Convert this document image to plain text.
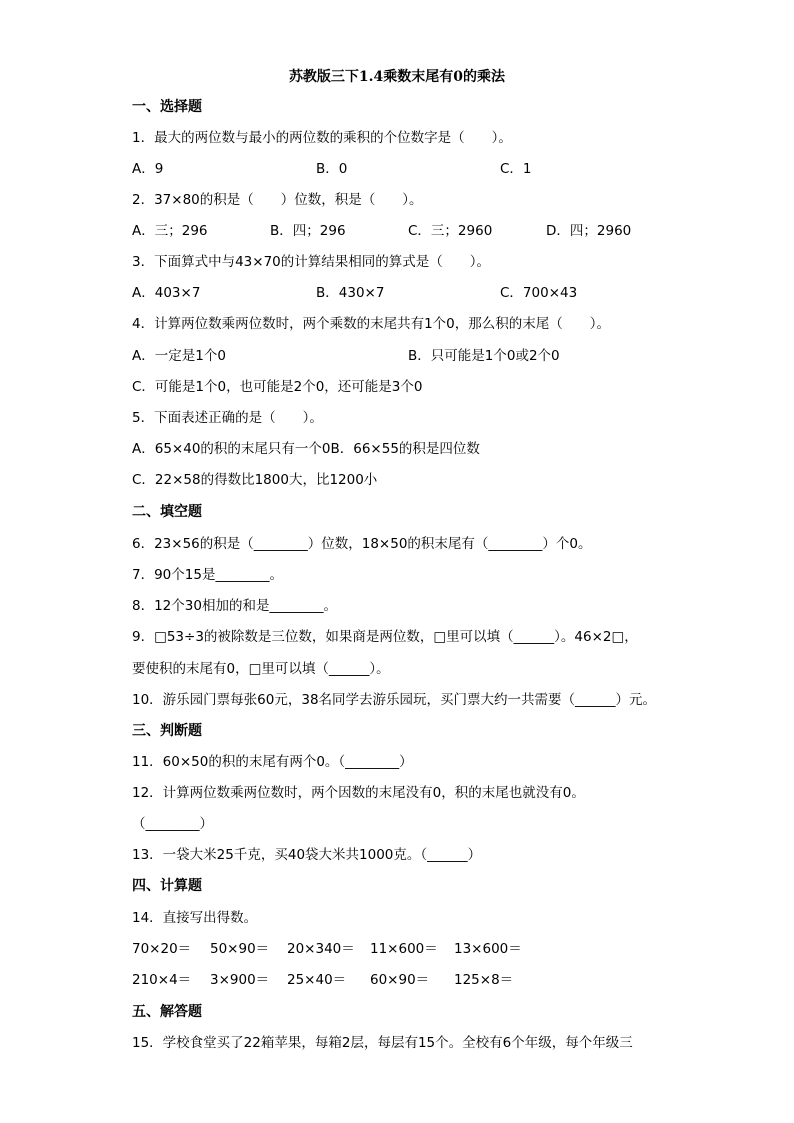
苏教版三下1.4乘数末尾有0的乘法
一、选择题
1．最大的两位数与最小的两位数的乘积的个位数字是（　　）。
A．9	B．0	C．1
2．37×80的积是（　　）位数，积是（　　）。
A．三；296	B．四；296	C．三；2960	D．四；2960
3．下面算式中与43×70的计算结果相同的算式是（　　）。
A．403×7	B．430×7	C．700×43
4．计算两位数乘两位数时，两个乘数的末尾共有1个0，那么积的末尾（　　）。
A．一定是1个0	B．只可能是1个0或2个0
C．可能是1个0，也可能是2个0，还可能是3个0
5．下面表述正确的是（　　）。
A．65×40的积的末尾只有一个0B．66×55的积是四位数
C．22×58的得数比1800大，比1200小
二、填空题
6．23×56的积是（________）位数，18×50的积末尾有（________）个0。
7．90个15是________。
8．12个30相加的和是________。
9．□53÷3的被除数是三位数，如果商是两位数，□里可以填（______）。46×2□，
要使积的末尾有0，□里可以填（______）。
10．游乐园门票每张60元，38名同学去游乐园玩，买门票大约一共需要（______）元。
三、判断题
11．60×50的积的末尾有两个0。（________）
12．计算两位数乘两位数时，两个因数的末尾没有0，积的末尾也就没有0。
（________）
13．一袋大米25千克，买40袋大米共1000克。（______）
四、计算题
14．直接写出得数。
70×20＝ 50×90＝ 20×340＝ 11×600＝ 13×600＝
210×4＝ 3×900＝ 25×40＝ 60×90＝ 125×8＝
五、解答题
15．学校食堂买了22箱苹果，每箱2层，每层有15个。全校有6个年级，每个年级三
